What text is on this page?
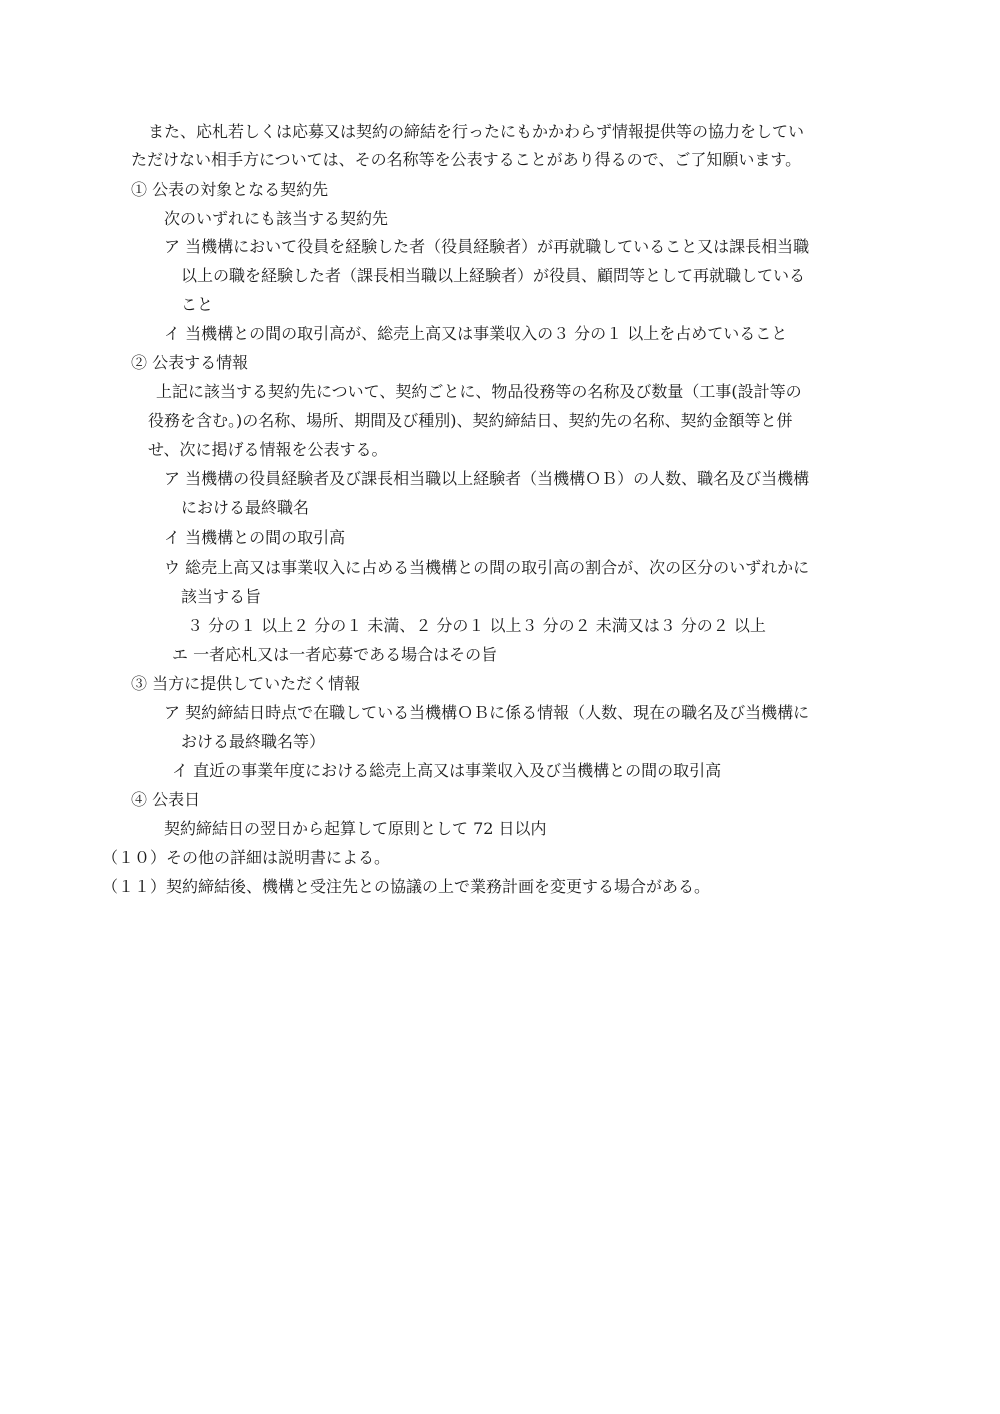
また、応札若しくは応募又は契約の締結を行ったにもかかわらず情報提供等の協力をしてい
ただけない相手方については、その名称等を公表することがあり得るので、ご了知願います。
① 公表の対象となる契約先
次のいずれにも該当する契約先
ア 当機構において役員を経験した者（役員経験者）が再就職していること又は課長相当職
以上の職を経験した者（課長相当職以上経験者）が役員、顧問等として再就職している
こと
イ 当機構との間の取引高が、総売上高又は事業収入の３ 分の１ 以上を占めていること
② 公表する情報
上記に該当する契約先について、契約ごとに、物品役務等の名称及び数量（工事(設計等の
役務を含む。)の名称、場所、期間及び種別)、契約締結日、契約先の名称、契約金額等と併
せ、次に掲げる情報を公表する。
ア 当機構の役員経験者及び課長相当職以上経験者（当機構ＯＢ）の人数、職名及び当機構
における最終職名
イ 当機構との間の取引高
ウ 総売上高又は事業収入に占める当機構との間の取引高の割合が、次の区分のいずれかに
該当する旨
３ 分の１ 以上２ 分の１ 未満、２ 分の１ 以上３ 分の２ 未満又は３ 分の２ 以上
エ 一者応札又は一者応募である場合はその旨
③ 当方に提供していただく情報
ア 契約締結日時点で在職している当機構ＯＢに係る情報（人数、現在の職名及び当機構に
おける最終職名等）
イ 直近の事業年度における総売上高又は事業収入及び当機構との間の取引高
④ 公表日
契約締結日の翌日から起算して原則として 72 日以内
（１０）その他の詳細は説明書による。
（１１）契約締結後、機構と受注先との協議の上で業務計画を変更する場合がある。
